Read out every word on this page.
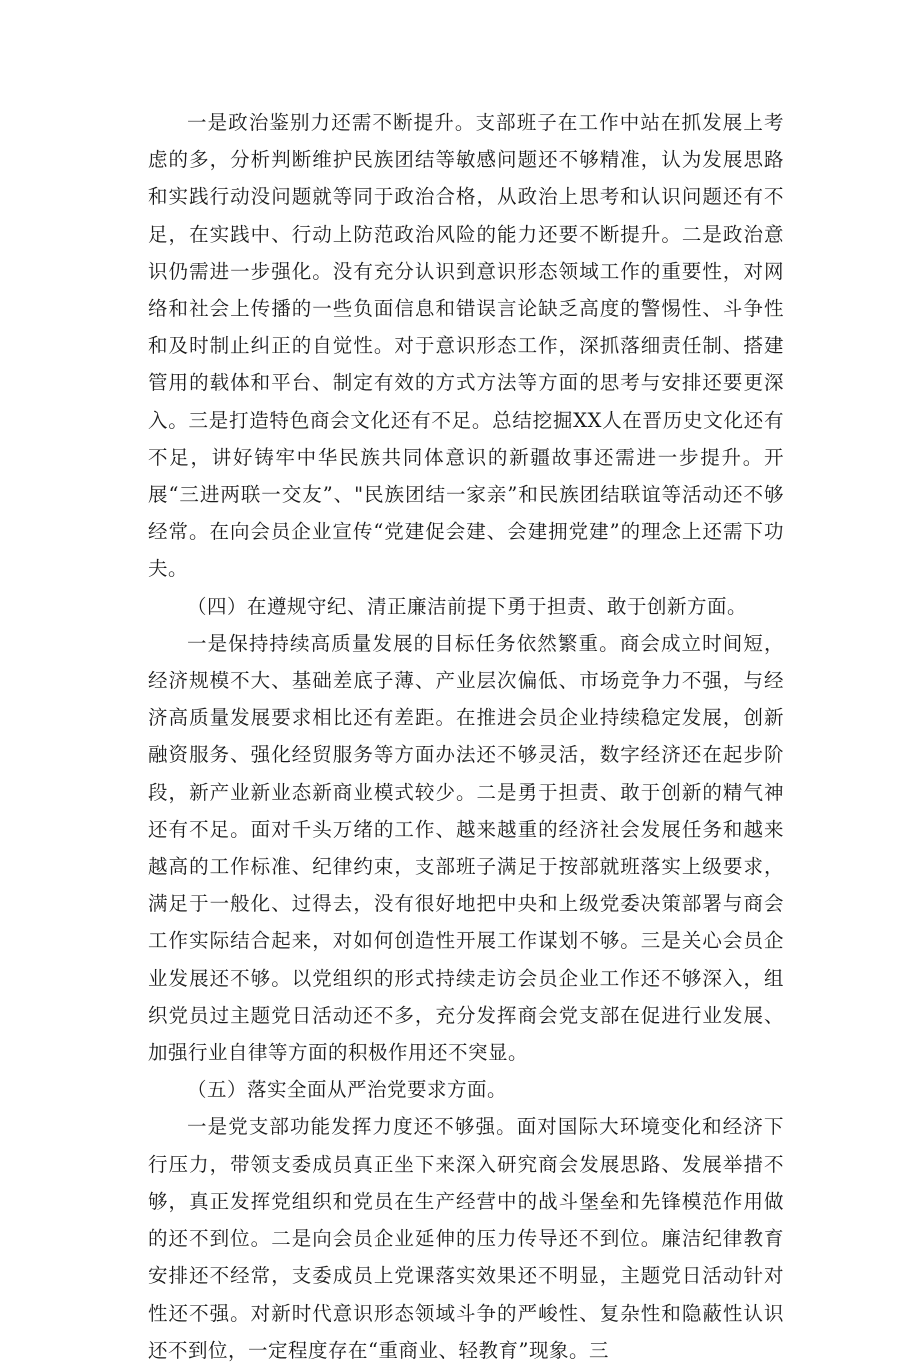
一是政治鉴别力还需不断提升。支部班子在工作中站在抓发展上考虑的多，分析判断维护民族团结等敏感问题还不够精准，认为发展思路和实践行动没问题就等同于政治合格，从政治上思考和认识问题还有不足，在实践中、行动上防范政治风险的能力还要不断提升。二是政治意识仍需进一步强化。没有充分认识到意识形态领域工作的重要性，对网络和社会上传播的一些负面信息和错误言论缺乏高度的警惕性、斗争性和及时制止纠正的自觉性。对于意识形态工作，深抓落细责任制、搭建管用的载体和平台、制定有效的方式方法等方面的思考与安排还要更深入。三是打造特色商会文化还有不足。总结挖掘XX人在晋历史文化还有不足，讲好铸牢中华民族共同体意识的新疆故事还需进一步提升。开展“三进两联一交友”、"民族团结一家亲”和民族团结联谊等活动还不够经常。在向会员企业宣传“党建促会建、会建拥党建”的理念上还需下功夫。

（四）在遵规守纪、清正廉洁前提下勇于担责、敢于创新方面。

一是保持持续高质量发展的目标任务依然繁重。商会成立时间短，经济规模不大、基础差底子薄、产业层次偏低、市场竞争力不强，与经济高质量发展要求相比还有差距。在推进会员企业持续稳定发展，创新融资服务、强化经贸服务等方面办法还不够灵活，数字经济还在起步阶段，新产业新业态新商业模式较少。二是勇于担责、敢于创新的精气神还有不足。面对千头万绪的工作、越来越重的经济社会发展任务和越来越高的工作标准、纪律约束，支部班子满足于按部就班落实上级要求，满足于一般化、过得去，没有很好地把中央和上级党委决策部署与商会工作实际结合起来，对如何创造性开展工作谋划不够。三是关心会员企业发展还不够。以党组织的形式持续走访会员企业工作还不够深入，组织党员过主题党日活动还不多，充分发挥商会党支部在促进行业发展、加强行业自律等方面的积极作用还不突显。

（五）落实全面从严治党要求方面。

一是党支部功能发挥力度还不够强。面对国际大环境变化和经济下行压力，带领支委成员真正坐下来深入研究商会发展思路、发展举措不够，真正发挥党组织和党员在生产经营中的战斗堡垒和先锋模范作用做的还不到位。二是向会员企业延伸的压力传导还不到位。廉洁纪律教育安排还不经常，支委成员上党课落实效果还不明显，主题党日活动针对性还不强。对新时代意识形态领域斗争的严峻性、复杂性和隐蔽性认识还不到位，一定程度存在“重商业、轻教育”现象。三
